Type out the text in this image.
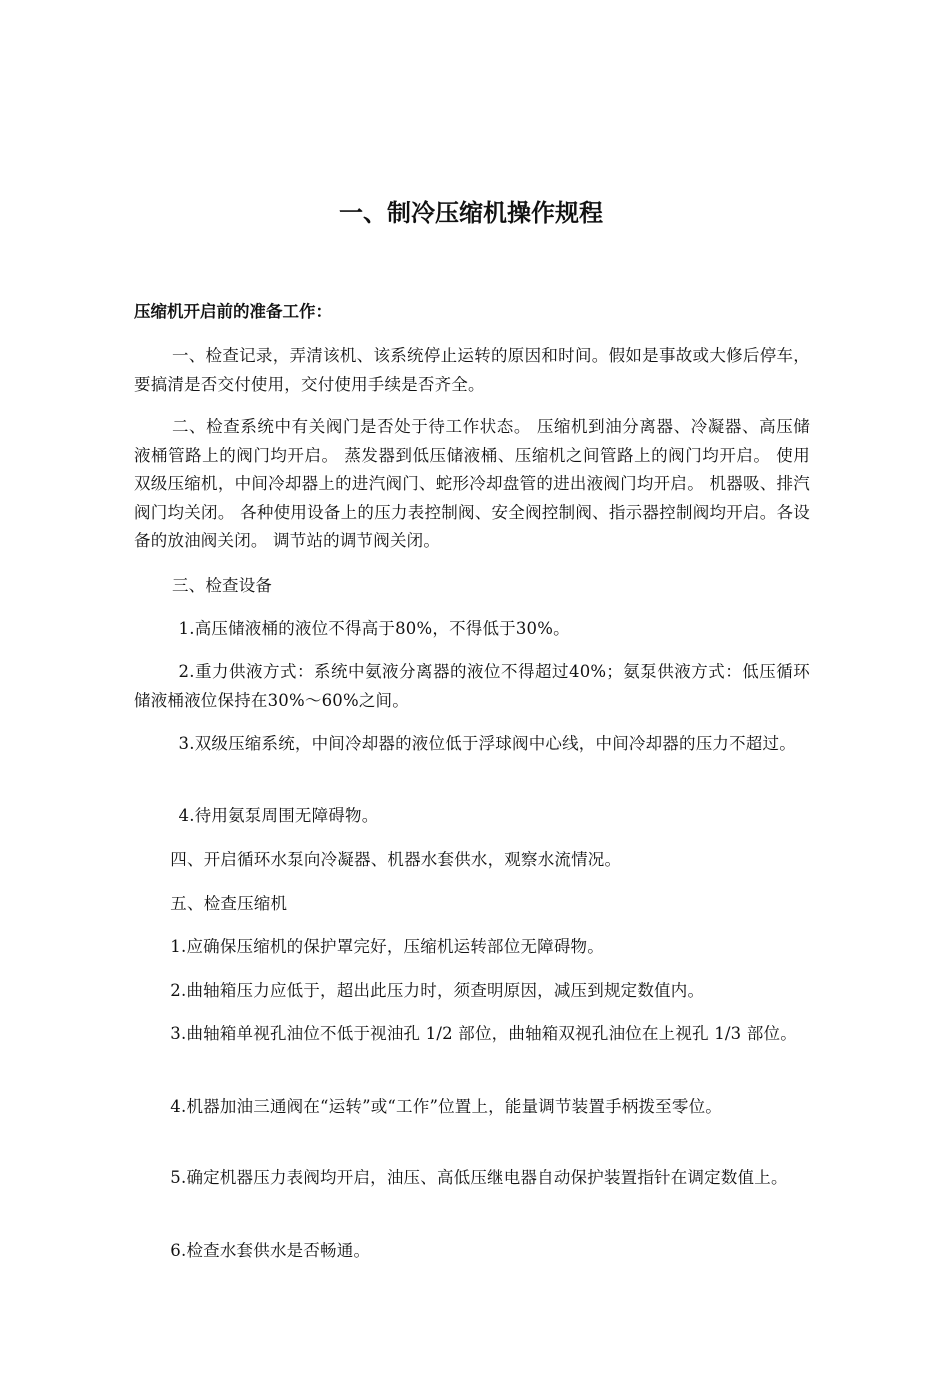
一、制冷压缩机操作规程
压缩机开启前的准备工作：

一、检查记录，弄清该机、该系统停止运转的原因和时间。假如是事故或大修后停车，要搞清是否交付使用，交付使用手续是否齐全。

二、检查系统中有关阀门是否处于待工作状态。 压缩机到油分离器、冷凝器、高压储液桶管路上的阀门均开启。 蒸发器到低压储液桶、压缩机之间管路上的阀门均开启。 使用双级压缩机，中间冷却器上的进汽阀门、蛇形冷却盘管的进出液阀门均开启。 机器吸、排汽阀门均关闭。 各种使用设备上的压力表控制阀、安全阀控制阀、指示器控制阀均开启。各设备的放油阀关闭。 调节站的调节阀关闭。

三、检查设备

1.高压储液桶的液位不得高于80%，不得低于30%。

2.重力供液方式：系统中氨液分离器的液位不得超过40%；氨泵供液方式：低压循环储液桶液位保持在30%～60%之间。

3.双级压缩系统，中间冷却器的液位低于浮球阀中心线，中间冷却器的压力不超过。

4.待用氨泵周围无障碍物。

四、开启循环水泵向冷凝器、机器水套供水，观察水流情况。

五、检查压缩机

1.应确保压缩机的保护罩完好，压缩机运转部位无障碍物。

2.曲轴箱压力应低于，超出此压力时，须查明原因，减压到规定数值内。

3.曲轴箱单视孔油位不低于视油孔 1/2 部位，曲轴箱双视孔油位在上视孔 1/3 部位。

4.机器加油三通阀在“运转”或“工作”位置上，能量调节装置手柄拨至零位。

5.确定机器压力表阀均开启，油压、高低压继电器自动保护装置指针在调定数值上。

6.检查水套供水是否畅通。
